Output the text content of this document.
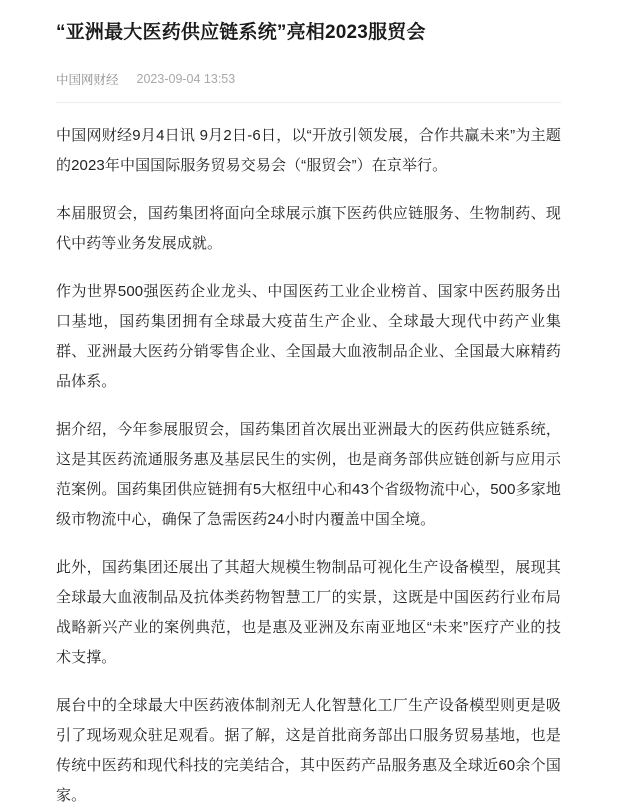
“亚洲最大医药供应链系统”亮相2023服贸会
中国网财经 2023-09-04 13:53

中国网财经9月4日讯 9月2日-6日，以“开放引领发展，合作共赢未来”为主题的2023年中国国际服务贸易交易会（“服贸会”）在京举行。

本届服贸会，国药集团将面向全球展示旗下医药供应链服务、生物制药、现代中药等业务发展成就。

作为世界500强医药企业龙头、中国医药工业企业榜首、国家中医药服务出口基地，国药集团拥有全球最大疫苗生产企业、全球最大现代中药产业集群、亚洲最大医药分销零售企业、全国最大血液制品企业、全国最大麻精药品体系。

据介绍，今年参展服贸会，国药集团首次展出亚洲最大的医药供应链系统，这是其医药流通服务惠及基层民生的实例，也是商务部供应链创新与应用示范案例。国药集团供应链拥有5大枢纽中心和43个省级物流中心，500多家地级市物流中心，确保了急需医药24小时内覆盖中国全境。

此外，国药集团还展出了其超大规模生物制品可视化生产设备模型，展现其全球最大血液制品及抗体类药物智慧工厂的实景，这既是中国医药行业布局战略新兴产业的案例典范，也是惠及亚洲及东南亚地区“未来”医疗产业的技术支撑。

展台中的全球最大中医药液体制剂无人化智慧化工厂生产设备模型则更是吸引了现场观众驻足观看。据了解，这是首批商务部出口服务贸易基地，也是传统中医药和现代科技的完美结合，其中医药产品服务惠及全球近60余个国家。
